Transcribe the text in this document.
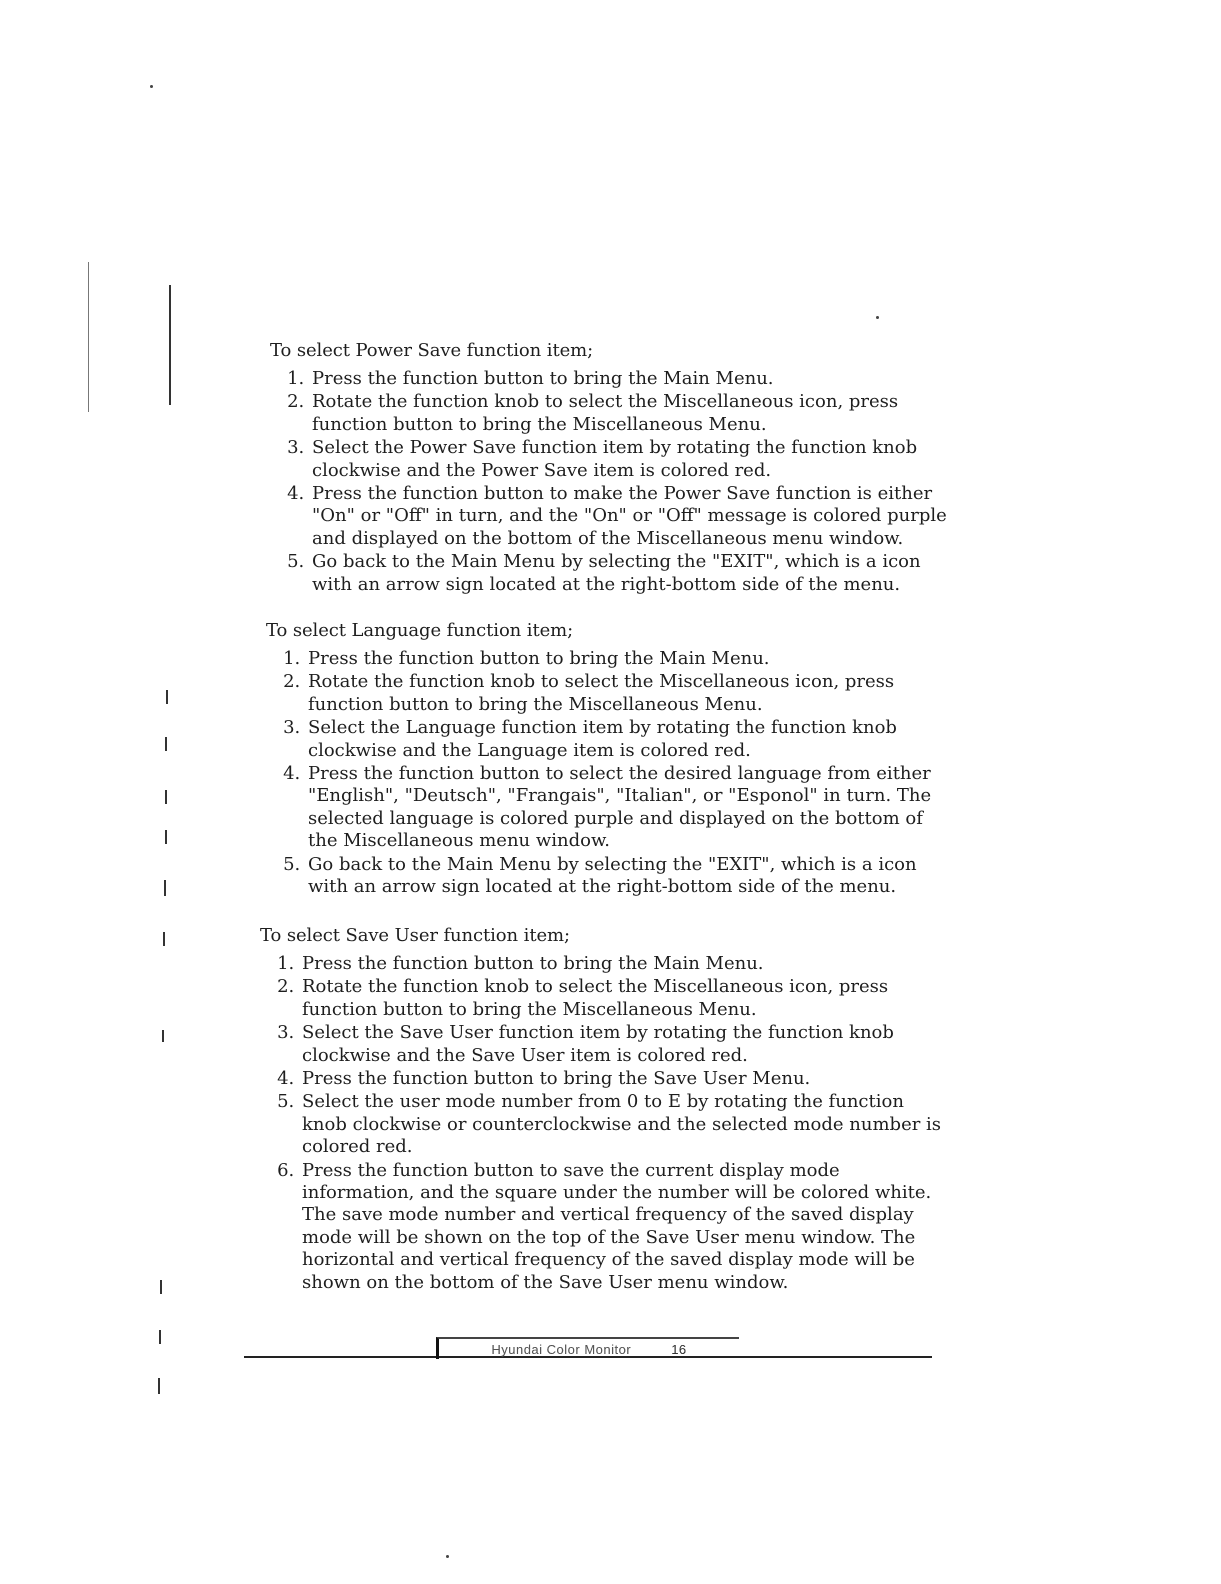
To select Power Save function item;
1. Press the function button to bring the Main Menu.
2. Rotate the function knob to select the Miscellaneous icon, press function button to bring the Miscellaneous Menu.
3. Select the Power Save function item by rotating the function knob clockwise and the Power Save item is colored red.
4. Press the function button to make the Power Save function is either "On" or "Off" in turn, and the "On" or "Off" message is colored purple and displayed on the bottom of the Miscellaneous menu window.
5. Go back to the Main Menu by selecting the "EXIT", which is a icon with an arrow sign located at the right-bottom side of the menu.
To select Language function item;
1. Press the function button to bring the Main Menu.
2. Rotate the function knob to select the Miscellaneous icon, press function button to bring the Miscellaneous Menu.
3. Select the Language function item by rotating the function knob clockwise and the Language item is colored red.
4. Press the function button to select the desired language from either "English", "Deutsch", "Frangais", "Italian", or "Esponol" in turn. The selected language is colored purple and displayed on the bottom of the Miscellaneous menu window.
5. Go back to the Main Menu by selecting the "EXIT", which is a icon with an arrow sign located at the right-bottom side of the menu.
To select Save User function item;
1. Press the function button to bring the Main Menu.
2. Rotate the function knob to select the Miscellaneous icon, press function button to bring the Miscellaneous Menu.
3. Select the Save User function item by rotating the function knob clockwise and the Save User item is colored red.
4. Press the function button to bring the Save User Menu.
5. Select the user mode number from 0 to E by rotating the function knob clockwise or counterclockwise and the selected mode number is colored red.
6. Press the function button to save the current display mode information, and the square under the number will be colored white. The save mode number and vertical frequency of the saved display mode will be shown on the top of the Save User menu window. The horizontal and vertical frequency of the saved display mode will be shown on the bottom of the Save User menu window.
Hyundai Color Monitor	16
